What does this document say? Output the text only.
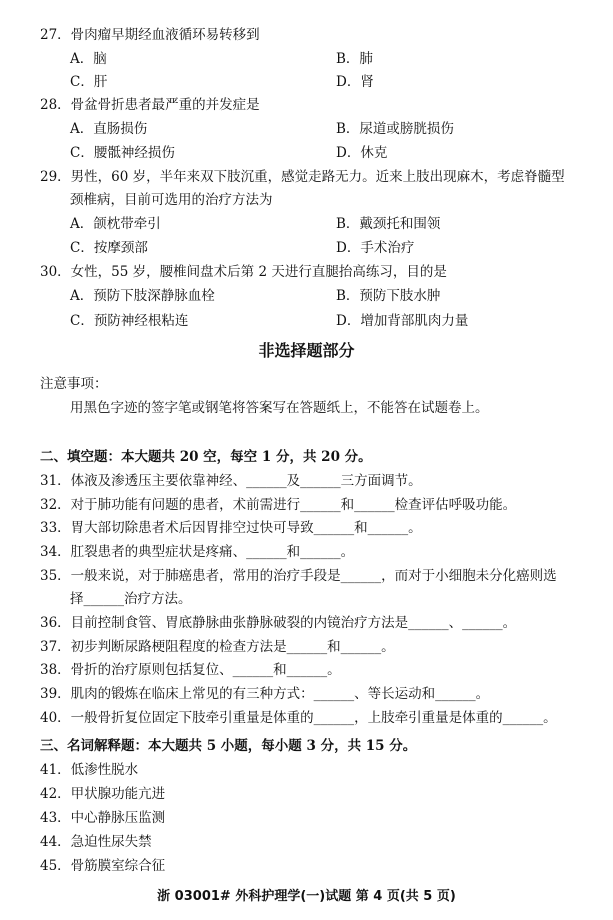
27．骨肉瘤早期经血液循环易转移到
A．脑	B．肺
C．肝	D．肾
28．骨盆骨折患者最严重的并发症是
A．直肠损伤	B．尿道或膀胱损伤
C．腰骶神经损伤	D．休克
29．男性，60 岁，半年来双下肢沉重，感觉走路无力。近来上肢出现麻木，考虑脊髓型
颈椎病，目前可选用的治疗方法为
A．颌枕带牵引	B．戴颈托和围领
C．按摩颈部	D．手术治疗
30．女性，55 岁，腰椎间盘术后第 2 天进行直腿抬高练习，目的是
A．预防下肢深静脉血栓	B．预防下肢水肿
C．预防神经根粘连	D．增加背部肌肉力量
非选择题部分
注意事项：
用黑色字迹的签字笔或钢笔将答案写在答题纸上，不能答在试题卷上。
二、填空题：本大题共 20 空，每空 1 分，共 20 分。
31．体液及渗透压主要依靠神经、______及______三方面调节。
32．对于肺功能有问题的患者，术前需进行______和______检查评估呼吸功能。
33．胃大部切除患者术后因胃排空过快可导致______和______。
34．肛裂患者的典型症状是疼痛、______和______。
35．一般来说，对于肺癌患者，常用的治疗手段是______，而对于小细胞未分化癌则选
择______治疗方法。
36．目前控制食管、胃底静脉曲张静脉破裂的内镜治疗方法是______、______。
37．初步判断尿路梗阻程度的检查方法是______和______。
38．骨折的治疗原则包括复位、______和______。
39．肌肉的锻炼在临床上常见的有三种方式：______、等长运动和______。
40．一般骨折复位固定下肢牵引重量是体重的______，上肢牵引重量是体重的______。
三、名词解释题：本大题共 5 小题，每小题 3 分，共 15 分。
41．低渗性脱水
42．甲状腺功能亢进
43．中心静脉压监测
44．急迫性尿失禁
45．骨筋膜室综合征
浙 03001# 外科护理学(一)试题 第 4 页(共 5 页)
